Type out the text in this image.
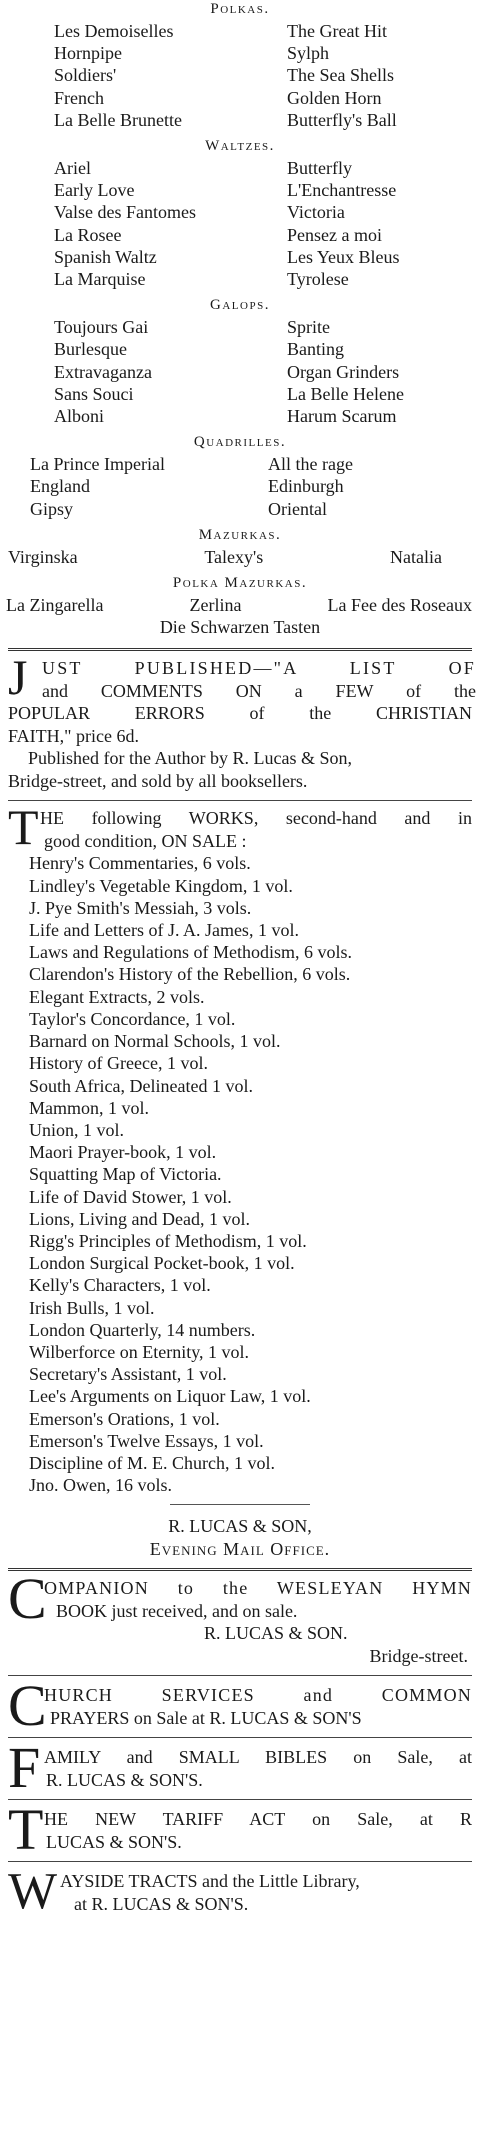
Polkas.
Les Demoiselles	The Great Hit
Hornpipe	Sylph
Soldiers'	The Sea Shells
French	Golden Horn
La Belle Brunette	Butterfly's Ball
Waltzes.
Ariel	Butterfly
Early Love	L'Enchantresse
Valse des Fantomes	Victoria
La Rosee	Pensez a moi
Spanish Waltz	Les Yeux Bleus
La Marquise	Tyrolese
Galops.
Toujours Gai	Sprite
Burlesque	Banting
Extravaganza	Organ Grinders
Sans Souci	La Belle Helene
Alboni	Harum Scarum
Quadrilles.
La Prince Imperial	All the rage
England	Edinburgh
Gipsy	Oriental
Mazurkas.
Virginska	Talexy's	Natalia
Polka Mazurkas.
La Zingarella	Zerlina	La Fee des Roseaux
Die Schwarzen Tasten
J UST PUBLISHED—"A LIST OF
and COMMENTS ON a FEW of the
POPULAR ERRORS of the CHRISTIAN
FAITH," price 6d.
Published for the Author by R. Lucas & Son,
Bridge-street, and sold by all booksellers.
T HE following WORKS, second-hand and in
good condition, ON SALE :
Henry's Commentaries, 6 vols.
Lindley's Vegetable Kingdom, 1 vol.
J. Pye Smith's Messiah, 3 vols.
Life and Letters of J. A. James, 1 vol.
Laws and Regulations of Methodism, 6 vols.
Clarendon's History of the Rebellion, 6 vols.
Elegant Extracts, 2 vols.
Taylor's Concordance, 1 vol.
Barnard on Normal Schools, 1 vol.
History of Greece, 1 vol.
South Africa, Delineated 1 vol.
Mammon, 1 vol.
Union, 1 vol.
Maori Prayer-book, 1 vol.
Squatting Map of Victoria.
Life of David Stower, 1 vol.
Lions, Living and Dead, 1 vol.
Rigg's Principles of Methodism, 1 vol.
London Surgical Pocket-book, 1 vol.
Kelly's Characters, 1 vol.
Irish Bulls, 1 vol.
London Quarterly, 14 numbers.
Wilberforce on Eternity, 1 vol.
Secretary's Assistant, 1 vol.
Lee's Arguments on Liquor Law, 1 vol.
Emerson's Orations, 1 vol.
Emerson's Twelve Essays, 1 vol.
Discipline of M. E. Church, 1 vol.
Jno. Owen, 16 vols.
R. LUCAS & SON,
Evening Mail Office.
C
OMPANION to the WESLEYAN HYMN
BOOK just received, and on sale.
R. LUCAS & SON.
Bridge-street.
C
HURCH SERVICES and COMMON
PRAYERS on Sale at R. LUCAS & SON'S
F AMILY and SMALL BIBLES on Sale, at
R. LUCAS & SON'S.
T HE NEW TARIFF ACT on Sale, at R
LUCAS & SON'S.
W AYSIDE TRACTS and the Little Library,
at R. LUCAS & SON'S.
